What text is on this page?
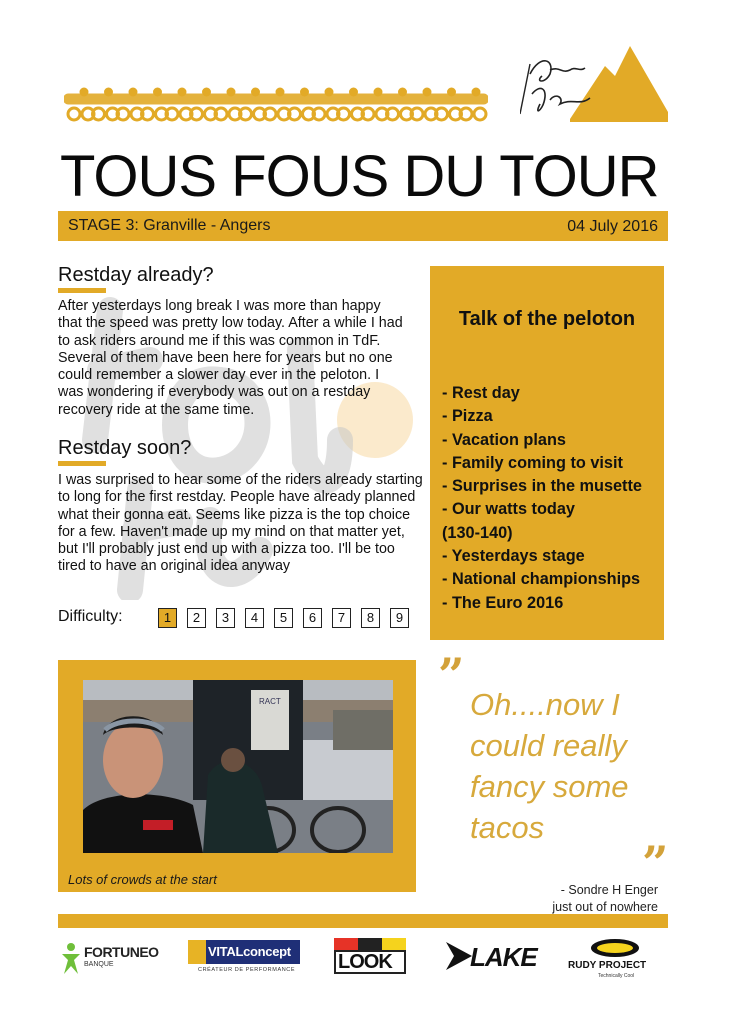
TOUS FOUS DU TOUR
STAGE 3: Granville - Angers	04 July 2016
Restday already?
After yesterdays long break I was more than happy that the speed was pretty low today. After a while I had to ask riders around me if this was common in TdF. Several of them have been here for years but no one could remember a slower day ever in the peloton. I was wondering if everybody was out on a restday recovery ride at the same time.
Restday soon?
I was surprised to hear some of the riders already starting to long for the first restday. People have already planned what their gonna eat. Seems like pizza is the top choice for a few. Haven't made up my mind on that matter yet, but I'll probably just end up with a pizza too. I'll be too tired to have an original idea anyway
Difficulty:	1	2	3	4	5	6	7	8	9
Talk of the peloton
- Rest day
- Pizza
- Vacation plans
- Family coming to visit
- Surprises in the musette
- Our watts today
(130-140)
- Yesterdays stage
- National championships
- The Euro 2016
RACT
Lots of crowds at the start
”
Oh....now I could really fancy some tacos
”
- Sondre H Enger
just out of nowhere
FORTUNEO
BANQUE
VITALconcept
CRÉATEUR DE PERFORMANCE LOOK	LAKE	RUDY PROJECT
Technically Cool
